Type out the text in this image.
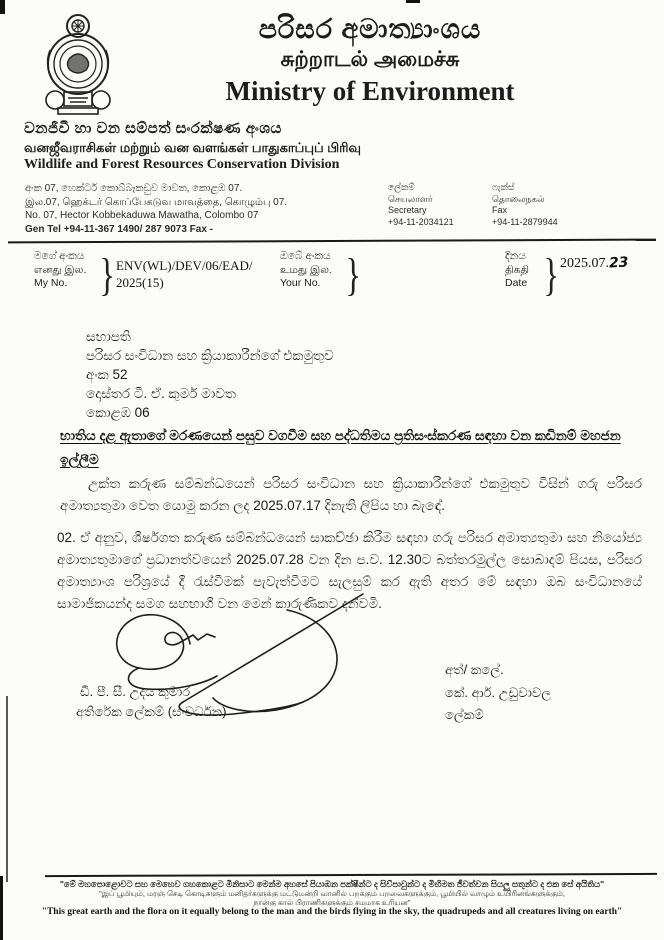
පරිසර අමාත්‍යාංශය
சுற்றாடல் அமைச்சு
Ministry of Environment
වනජීවී හා වන සම්පත් සංරක්ෂණ අංශය
வனஜீவராசிகள் மற்றும் வன வளங்கள் பாதுகாப்புப் பிரிவு
Wildlife and Forest Resources Conservation Division
අංක 07, හෙක්ටර් කොබ්බෑකඩුව මාවත, කොළඹ 07.
இல.07, ஹெக்டர் கொப்பேகடுவ மாவத்தை, கொழும்பு 07.
No. 07, Hector Kobbekaduwa Mawatha, Colombo 07
Gen Tel +94-11-367 1490/ 287 9073 Fax -
ලේකම්
செயலாளர்
Secretary
+94-11-2034121
ෆැක්ස්
தொலைநகல்
Fax
+94-11-2879944
මගේ අංකය
எனது இல.
My No. } ENV(WL)/DEV/06/EAD/
2025(15)
ඔබේ අංකය
உமது இல.
Your No. }	දිනය
திகதி
Date } 2025.07.23
සභාපති
පරිසර සංවිධාන සහ ක්‍රියාකාරීන්ගේ එකමුතුව
අංක 52
දොස්තර ටී. ඒ. කුමර් මාවත
කොළඹ 06
භාතිය දළ ඇතාගේ මරණයෙන් පසුව වගවීම සහ පද්ධතිමය ප්‍රතිසංස්කරණ සඳහා වන කඩිනම් මහජන ඉල්ලීම
උක්ත කරුණ සම්බන්ධයෙන් පරිසර සංවිධාන සහ ක්‍රියාකාරීන්ගේ එකමුතුව විසින් ගරු පරිසර අමාත්‍යතුමා වෙත යොමු කරන ලද 2025.07.17 දිනැති ලිපිය හා බැඳේ.
02. ඒ අනුව, ශීර්ෂගත කරුණ සම්බන්ධයෙන් සාකච්ඡා කිරීම සඳහා ගරු පරිසර අමාත්‍යතුමා සහ නියෝජ්‍ය අමාත්‍යතුමාගේ ප්‍රධානත්වයෙන් 2025.07.28 වන දින ප.ව. 12.30ට බත්තරමුල්ල සොබාදම් පියස, පරිසර අමාත්‍යාංශ පරිශ්‍රයේ දී රැස්වීමක් පැවැත්වීමට සැලසුම් කර ඇති අතර මේ සඳහා ඔබ සංවිධානයේ සාමාජිකයන්ද සමග සහභාගී වන මෙන් කාරුණිකව දන්වමි.
ඩී. පී. සී. උදය කුමාර
අතිරේක ලේකම් (සංවර්ධන)
අත්/ කලේ.
කේ. ආර්. උඩුවාවල
ලේකම්
"මේ මහපොළොවට සහ මෙහෙව ගහකොළට මිනිසාට මෙන්ම අහසේ පියාඹන පක්ෂීන්ට ද සිව්පාවුන්ට ද මිහිමත ජීවත්වන සියලු සතුන්ට ද එක සේ අයිතිය"
"இப் பூமியும், மரஞ் செடி கொடிகளும் மனிதர்களுக்கு மட்டுமன்றி வானில் பறக்கும் பறவைகளுக்கும், பூமியில் வாழும் உயிரினங்களுக்கும்,
நான்கு கால் பிராணிகளுக்கும் சமமாக உரியன"
"This great earth and the flora on it equally belong to the man and the birds flying in the sky, the quadrupeds and all creatures living on earth"
